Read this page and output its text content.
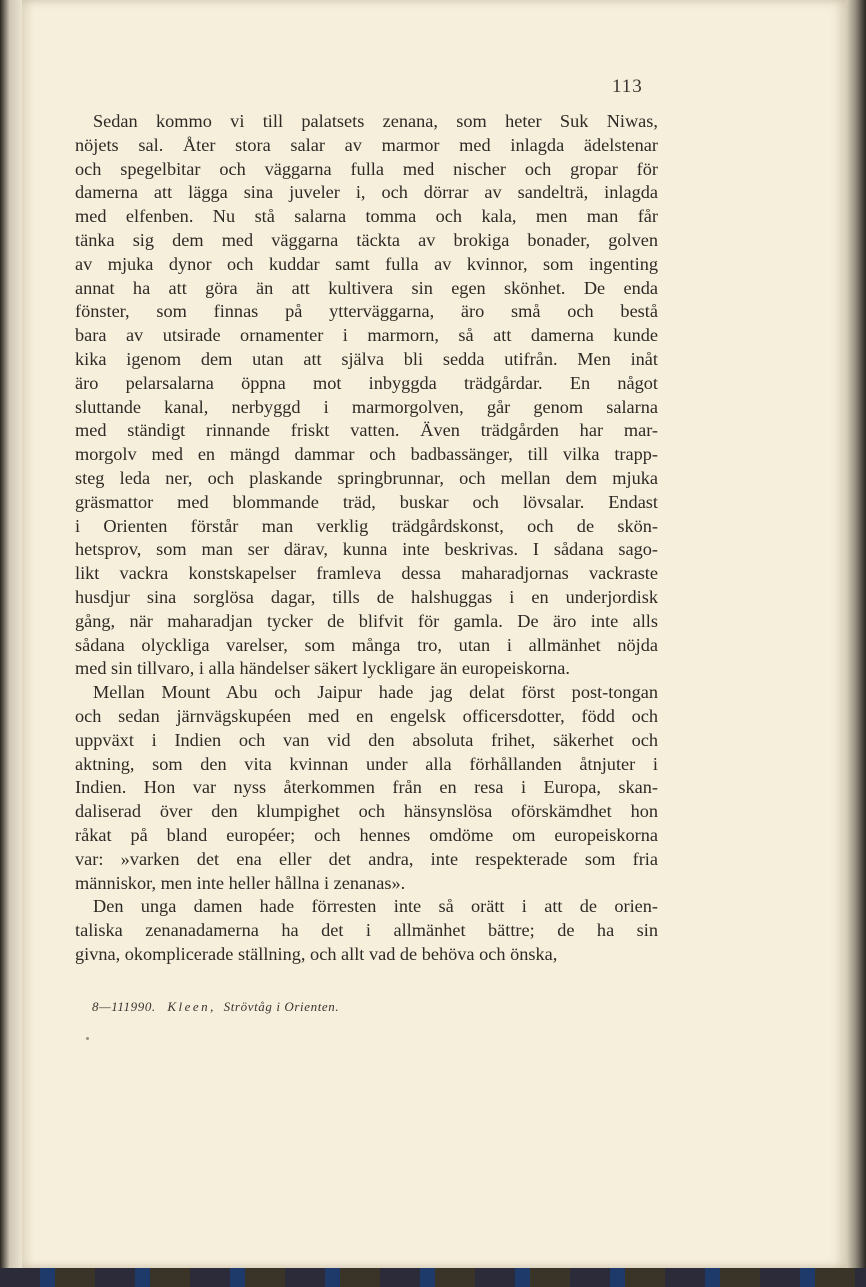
113
Sedan kommo vi till palatsets zenana, som heter Suk Niwas,
nöjets sal. Åter stora salar av marmor med inlagda ädelstenar
och spegelbitar och väggarna fulla med nischer och gropar för
damerna att lägga sina juveler i, och dörrar av sandelträ, inlagda
med elfenben. Nu stå salarna tomma och kala, men man får
tänka sig dem med väggarna täckta av brokiga bonader, golven
av mjuka dynor och kuddar samt fulla av kvinnor, som ingenting
annat ha att göra än att kultivera sin egen skönhet. De enda
fönster, som finnas på ytterväggarna, äro små och bestå
bara av utsirade ornamenter i marmorn, så att damerna kunde
kika igenom dem utan att själva bli sedda utifrån. Men inåt
äro pelarsalarna öppna mot inbyggda trädgårdar. En något
sluttande kanal, nerbyggd i marmorgolven, går genom salarna
med ständigt rinnande friskt vatten. Även trädgården har mar-
morgolv med en mängd dammar och badbassänger, till vilka trapp-
steg leda ner, och plaskande springbrunnar, och mellan dem mjuka
gräsmattor med blommande träd, buskar och lövsalar. Endast
i Orienten förstår man verklig trädgårdskonst, och de skön-
hetsprov, som man ser därav, kunna inte beskrivas. I sådana sago-
likt vackra konstskapelser framleva dessa maharadjornas vackraste
husdjur sina sorglösa dagar, tills de halshuggas i en underjordisk
gång, när maharadjan tycker de blifvit för gamla. De äro inte alls
sådana olyckliga varelser, som många tro, utan i allmänhet nöjda
med sin tillvaro, i alla händelser säkert lyckligare än europeiskorna.
Mellan Mount Abu och Jaipur hade jag delat först post-tongan
och sedan järnvägskupéen med en engelsk officersdotter, född och
uppväxt i Indien och van vid den absoluta frihet, säkerhet och
aktning, som den vita kvinnan under alla förhållanden åtnjuter i
Indien. Hon var nyss återkommen från en resa i Europa, skan-
daliserad över den klumpighet och hänsynslösa oförskämdhet hon
råkat på bland européer; och hennes omdöme om europeiskorna
var: »varken det ena eller det andra, inte respekterade som fria
människor, men inte heller hållna i zenanas».
Den unga damen hade förresten inte så orätt i att de orien-
taliska zenanadamerna ha det i allmänhet bättre; de ha sin
givna, okomplicerade ställning, och allt vad de behöva och önska,
8—111990. Kleen, Strövtåg i Orienten.
